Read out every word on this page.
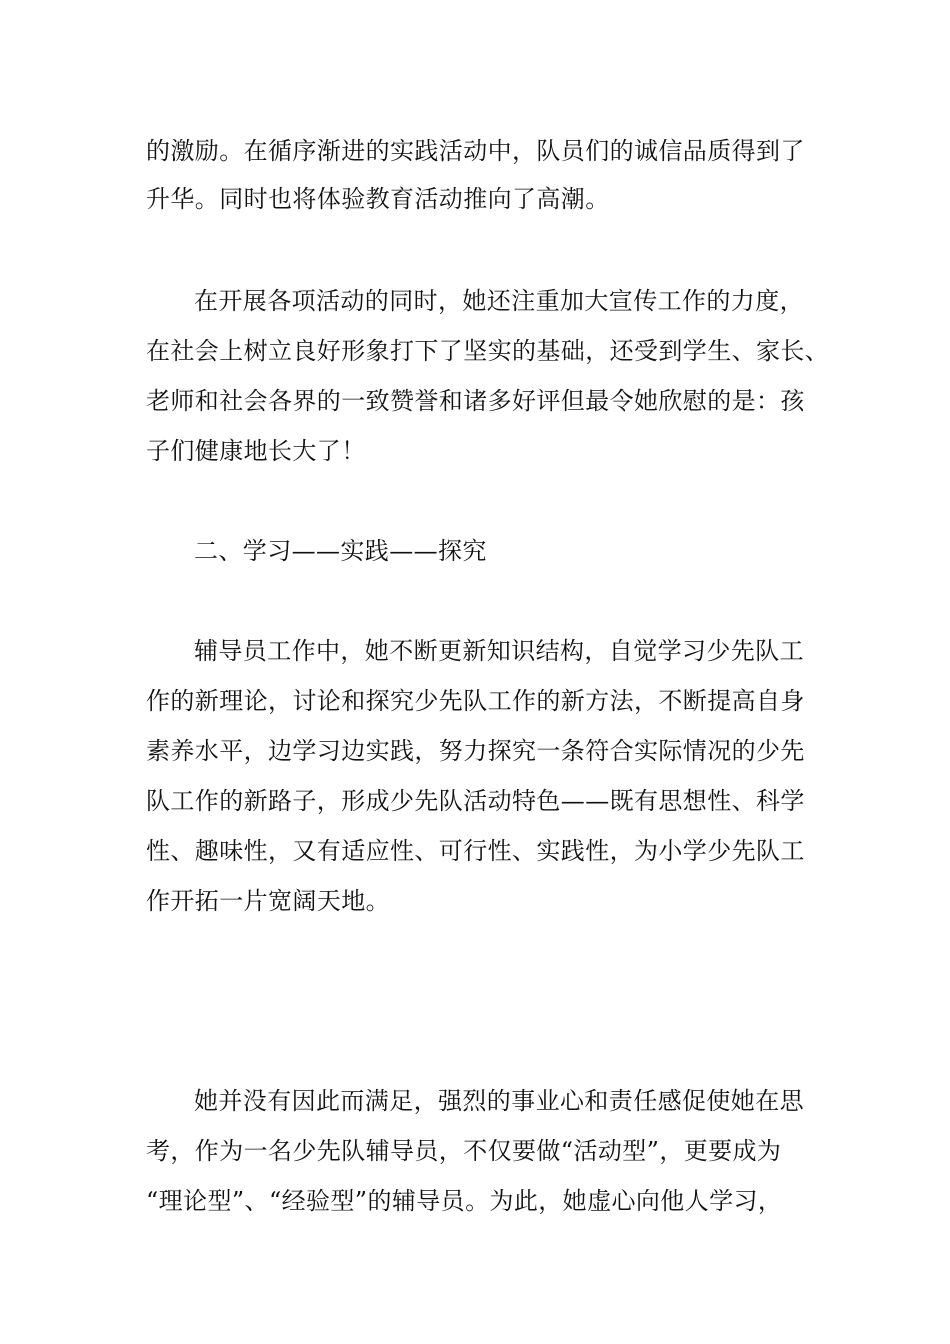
的激励。在循序渐进的实践活动中，队员们的诚信品质得到了
升华。同时也将体验教育活动推向了高潮。
在开展各项活动的同时，她还注重加大宣传工作的力度，
在社会上树立良好形象打下了坚实的基础，还受到学生、家长、
老师和社会各界的一致赞誉和诸多好评但最令她欣慰的是：孩
子们健康地长大了！
二、学习——实践——探究
辅导员工作中，她不断更新知识结构，自觉学习少先队工
作的新理论，讨论和探究少先队工作的新方法，不断提高自身
素养水平，边学习边实践，努力探究一条符合实际情况的少先
队工作的新路子，形成少先队活动特色——既有思想性、科学
性、趣味性，又有适应性、可行性、实践性，为小学少先队工
作开拓一片宽阔天地。
她并没有因此而满足，强烈的事业心和责任感促使她在思
考，作为一名少先队辅导员，不仅要做“活动型”，更要成为
“理论型”、“经验型”的辅导员。为此，她虚心向他人学习，
